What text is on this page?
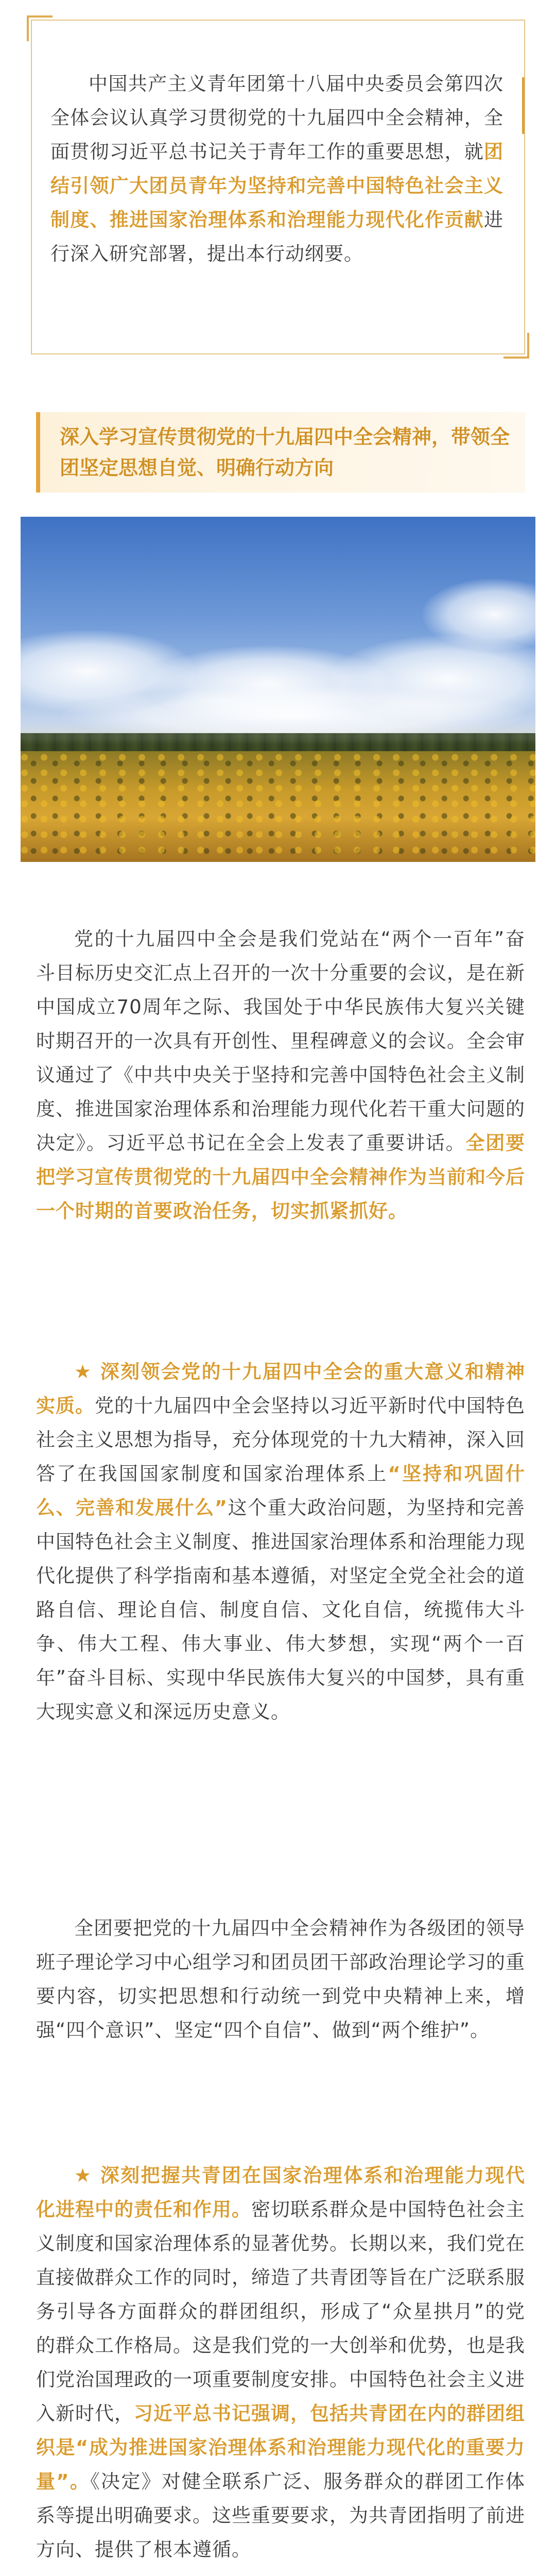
中国共产主义青年团第十八届中央委员会第四次全体会议认真学习贯彻党的十九届四中全会精神，全面贯彻习近平总书记关于青年工作的重要思想，就团结引领广大团员青年为坚持和完善中国特色社会主义制度、推进国家治理体系和治理能力现代化作贡献进行深入研究部署，提出本行动纲要。

深入学习宣传贯彻党的十九届四中全会精神，带领全团坚定思想自觉、明确行动方向

党的十九届四中全会是我们党站在“两个一百年”奋斗目标历史交汇点上召开的一次十分重要的会议，是在新中国成立70周年之际、我国处于中华民族伟大复兴关键时期召开的一次具有开创性、里程碑意义的会议。全会审议通过了《中共中央关于坚持和完善中国特色社会主义制度、推进国家治理体系和治理能力现代化若干重大问题的决定》。习近平总书记在全会上发表了重要讲话。全团要把学习宣传贯彻党的十九届四中全会精神作为当前和今后一个时期的首要政治任务，切实抓紧抓好。

★ 深刻领会党的十九届四中全会的重大意义和精神实质。党的十九届四中全会坚持以习近平新时代中国特色社会主义思想为指导，充分体现党的十九大精神，深入回答了在我国国家制度和国家治理体系上“坚持和巩固什么、完善和发展什么”这个重大政治问题，为坚持和完善中国特色社会主义制度、推进国家治理体系和治理能力现代化提供了科学指南和基本遵循，对坚定全党全社会的道路自信、理论自信、制度自信、文化自信，统揽伟大斗争、伟大工程、伟大事业、伟大梦想，实现“两个一百年”奋斗目标、实现中华民族伟大复兴的中国梦，具有重大现实意义和深远历史意义。

全团要把党的十九届四中全会精神作为各级团的领导班子理论学习中心组学习和团员团干部政治理论学习的重要内容，切实把思想和行动统一到党中央精神上来，增强“四个意识”、坚定“四个自信”、做到“两个维护”。

★ 深刻把握共青团在国家治理体系和治理能力现代化进程中的责任和作用。密切联系群众是中国特色社会主义制度和国家治理体系的显著优势。长期以来，我们党在直接做群众工作的同时，缔造了共青团等旨在广泛联系服务引导各方面群众的群团组织，形成了“众星拱月”的党的群众工作格局。这是我们党的一大创举和优势，也是我们党治国理政的一项重要制度安排。中国特色社会主义进入新时代，习近平总书记强调，包括共青团在内的群团组织是“成为推进国家治理体系和治理能力现代化的重要力量”。《决定》对健全联系广泛、服务群众的群团工作体系等提出明确要求。这些重要要求，为共青团指明了前进方向、提供了根本遵循。
